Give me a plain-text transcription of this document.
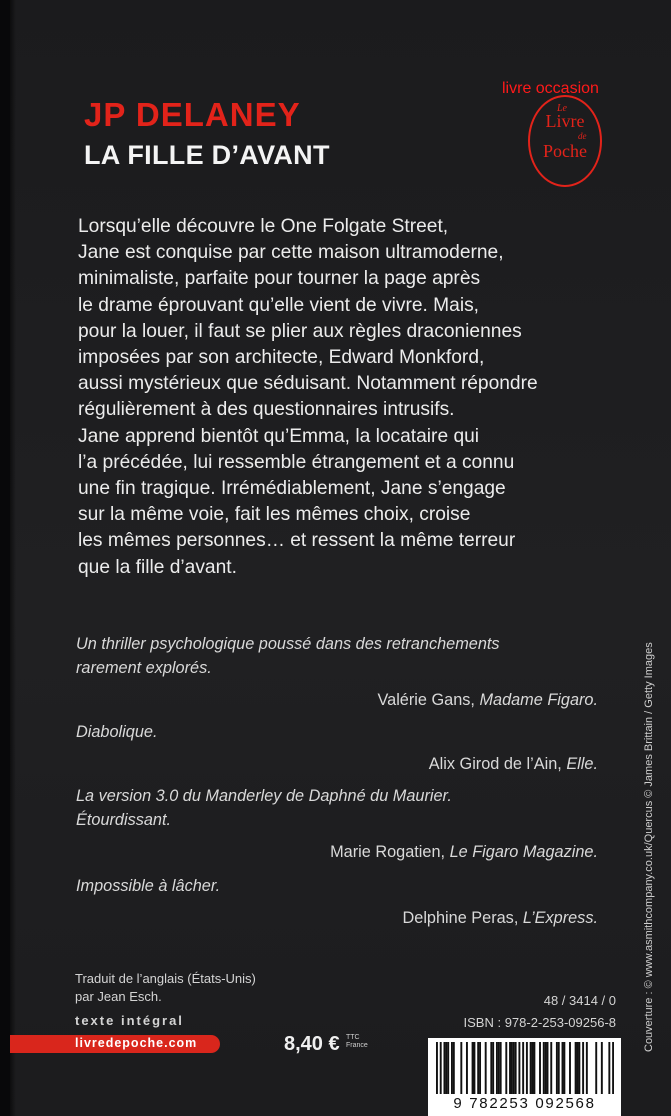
JP DELANEY
LA FILLE D’AVANT
livre occasion
Le
Livre
de
Poche

Lorsqu’elle découvre le One Folgate Street,
Jane est conquise par cette maison ultramoderne,
minimaliste, parfaite pour tourner la page après
le drame éprouvant qu’elle vient de vivre. Mais,
pour la louer, il faut se plier aux règles draconiennes
imposées par son architecte, Edward Monkford,
aussi mystérieux que séduisant. Notamment répondre
régulièrement à des questionnaires intrusifs.
Jane apprend bientôt qu’Emma, la locataire qui
l’a précédée, lui ressemble étrangement et a connu
une fin tragique. Irrémédiablement, Jane s’engage
sur la même voie, fait les mêmes choix, croise
les mêmes personnes… et ressent la même terreur
que la fille d’avant.

Un thriller psychologique poussé dans des retranchements
rarement explorés.
Valérie Gans, Madame Figaro.
Diabolique.
Alix Girod de l’Ain, Elle.
La version 3.0 du Manderley de Daphné du Maurier.
Étourdissant.
Marie Rogatien, Le Figaro Magazine.
Impossible à lâcher.
Delphine Peras, L’Express.
Traduit de l’anglais (États-Unis)
par Jean Esch.
texte intégral
livredepoche.com	8,40 € TTC
France
48 / 3414 / 0
ISBN : 978-2-253-09256-8
9 782253 092568
Couverture : © www.asmithcompany.co.uk/Quercus © James Brittain / Getty Images
